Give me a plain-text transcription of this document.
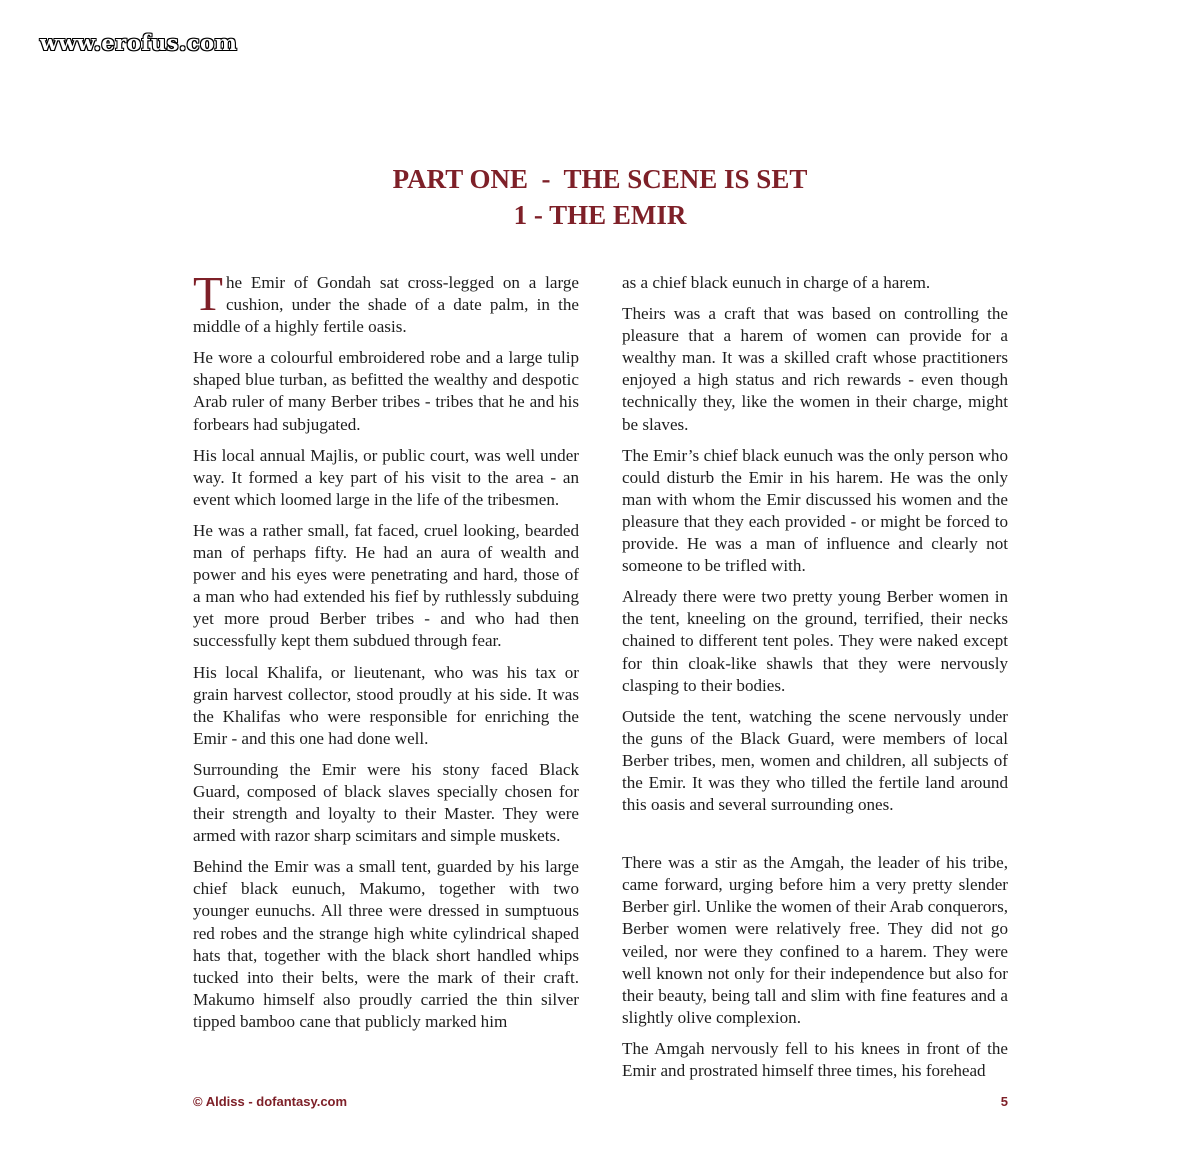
www.erofus.com
PART ONE  -  THE SCENE IS SET
1 - THE EMIR

The Emir of Gondah sat cross-legged on a large cushion, under the shade of a date palm, in the middle of a highly fertile oasis.

He wore a colourful embroidered robe and a large tulip shaped blue turban, as befitted the wealthy and despotic Arab ruler of many Berber tribes - tribes that he and his forbears had subjugated.

His local annual Majlis, or public court, was well under way. It formed a key part of his visit to the area - an event which loomed large in the life of the tribesmen.

He was a rather small, fat faced, cruel looking, bearded man of perhaps fifty. He had an aura of wealth and power and his eyes were penetrating and hard, those of a man who had extended his fief by ruthlessly subduing yet more proud Berber tribes - and who had then successfully kept them subdued through fear.

His local Khalifa, or lieutenant, who was his tax or grain harvest collector, stood proudly at his side. It was the Khalifas who were responsible for enriching the Emir - and this one had done well.

Surrounding the Emir were his stony faced Black Guard, composed of black slaves specially chosen for their strength and loyalty to their Master. They were armed with razor sharp scimitars and simple muskets.

Behind the Emir was a small tent, guarded by his large chief black eunuch, Makumo, together with two younger eunuchs. All three were dressed in sumptuous red robes and the strange high white cylindrical shaped hats that, together with the black short handled whips tucked into their belts, were the mark of their craft. Makumo himself also proudly carried the thin silver tipped bamboo cane that publicly marked him

as a chief black eunuch in charge of a harem.

Theirs was a craft that was based on controlling the pleasure that a harem of women can provide for a wealthy man. It was a skilled craft whose practitioners enjoyed a high status and rich rewards - even though technically they, like the women in their charge, might be slaves.

The Emir’s chief black eunuch was the only person who could disturb the Emir in his harem. He was the only man with whom the Emir discussed his women and the pleasure that they each provided - or might be forced to provide. He was a man of influence and clearly not someone to be trifled with.

Already there were two pretty young Berber women in the tent, kneeling on the ground, terrified, their necks chained to different tent poles. They were naked except for thin cloak-like shawls that they were nervously clasping to their bodies.

Outside the tent, watching the scene nervously under the guns of the Black Guard, were members of local Berber tribes, men, women and children, all subjects of the Emir. It was they who tilled the fertile land around this oasis and several surrounding ones.

There was a stir as the Amgah, the leader of his tribe, came forward, urging before him a very pretty slender Berber girl. Unlike the women of their Arab conquerors, Berber women were relatively free. They did not go veiled, nor were they confined to a harem. They were well known not only for their independence but also for their beauty, being tall and slim with fine features and a slightly olive complexion.

The Amgah nervously fell to his knees in front of the Emir and prostrated himself three times, his forehead

© Aldiss - dofantasy.com	5
